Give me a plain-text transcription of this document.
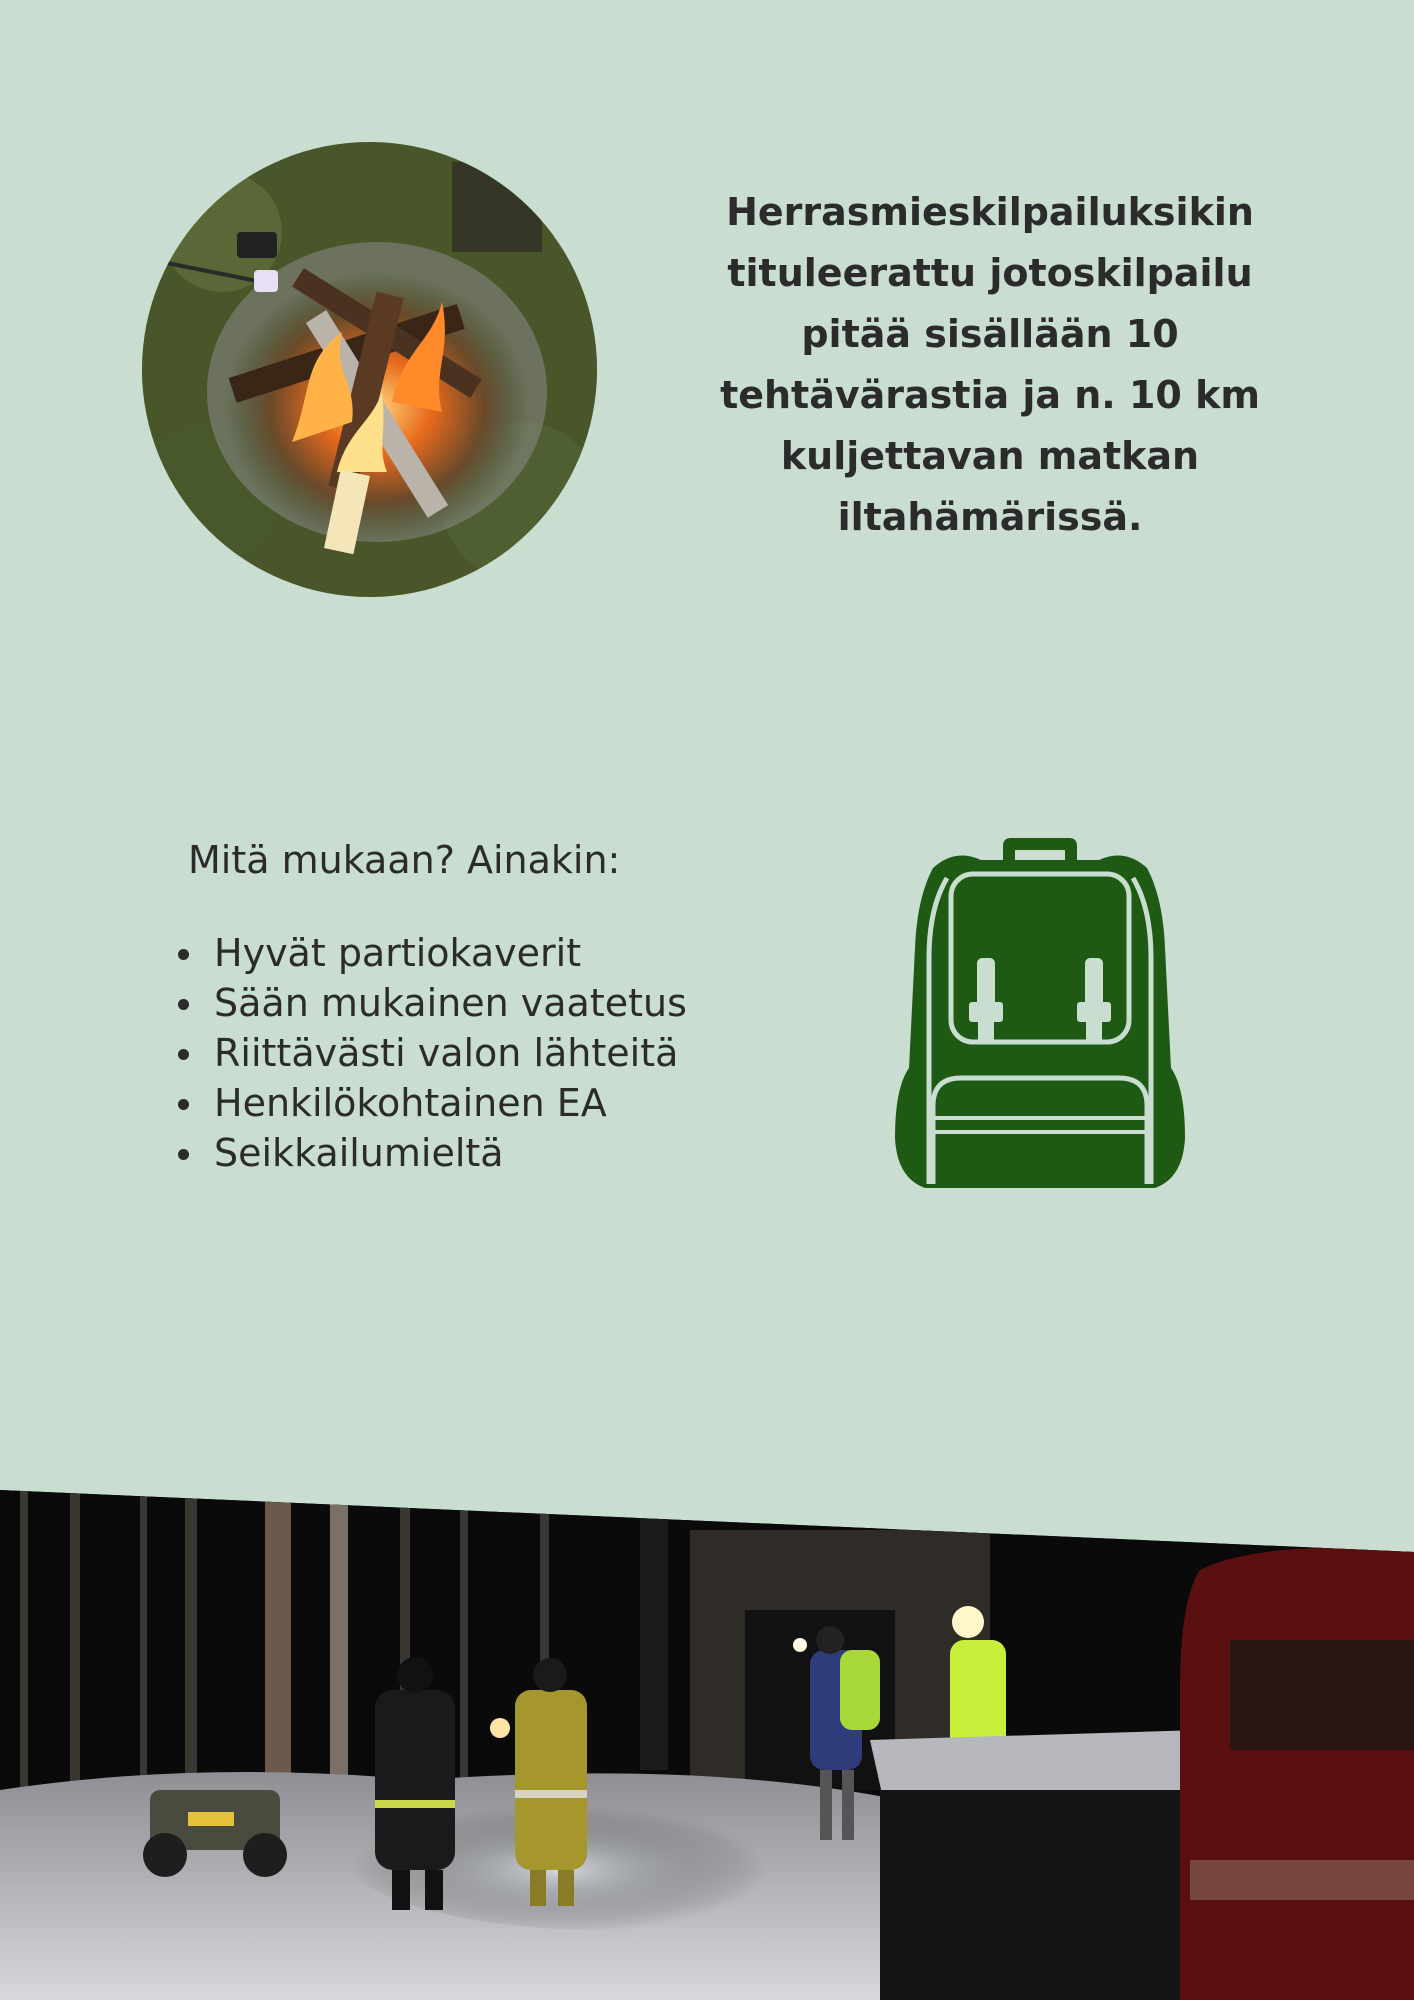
Herrasmieskilpailuksikin tituleerattu jotoskilpailu pitää sisällään 10 tehtävärastia ja n. 10 km kuljettavan matkan iltahämärissä.

Mitä mukaan? Ainakin:

Hyvät partiokaverit
Sään mukainen vaatetus
Riittävästi valon lähteitä
Henkilökohtainen EA
Seikkailumieltä
